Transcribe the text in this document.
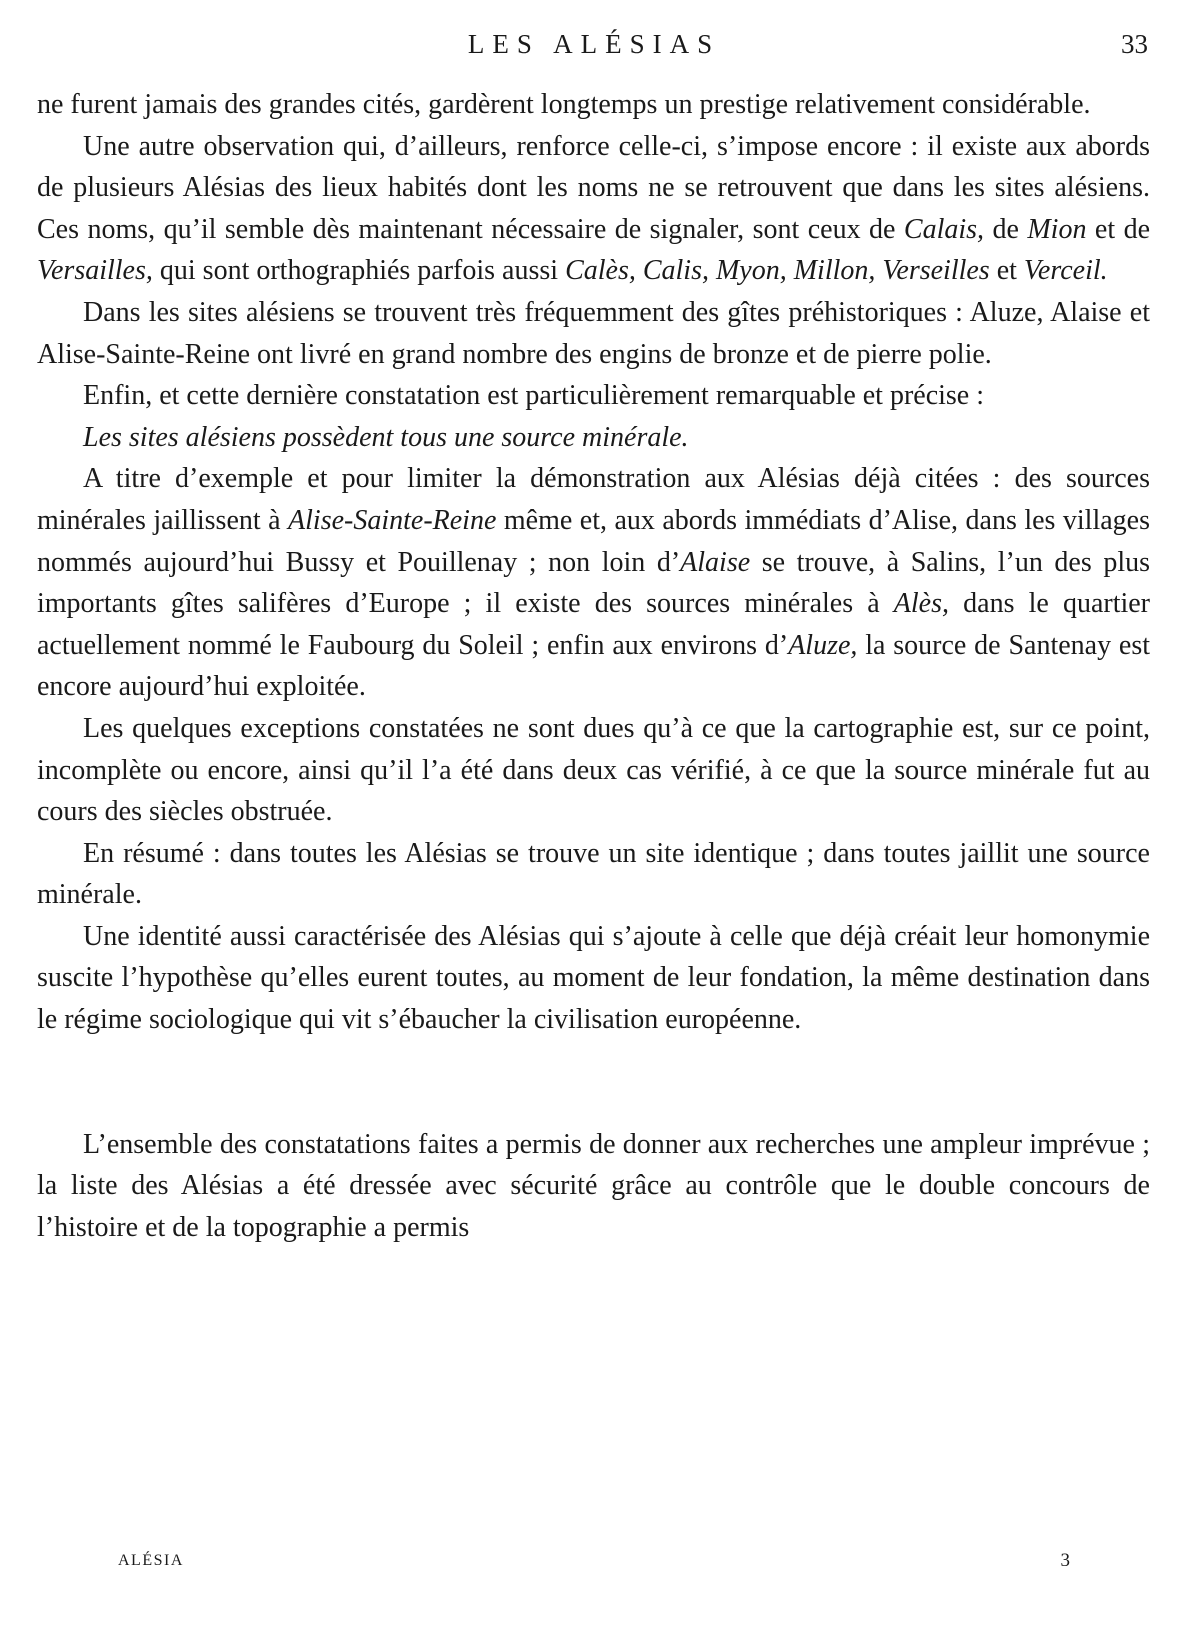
LES ALÉSIAS	33

ne furent jamais des grandes cités, gardèrent longtemps un prestige relativement considérable.

Une autre observation qui, d’ailleurs, renforce celle-ci, s’impose encore : il existe aux abords de plusieurs Alésias des lieux habités dont les noms ne se retrouvent que dans les sites alésiens. Ces noms, qu’il semble dès maintenant nécessaire de signaler, sont ceux de Calais, de Mion et de Versailles, qui sont orthographiés parfois aussi Calès, Calis, Myon, Millon, Verseilles et Verceil.

Dans les sites alésiens se trouvent très fréquemment des gîtes préhistoriques : Aluze, Alaise et Alise-Sainte-Reine ont livré en grand nombre des engins de bronze et de pierre polie.

Enfin, et cette dernière constatation est particulièrement remarquable et précise :

Les sites alésiens possèdent tous une source minérale.

A titre d’exemple et pour limiter la démonstration aux Alésias déjà citées : des sources minérales jaillissent à Alise-Sainte-Reine même et, aux abords immédiats d’Alise, dans les villages nommés aujourd’hui Bussy et Pouillenay ; non loin d’Alaise se trouve, à Salins, l’un des plus importants gîtes salifères d’Europe ; il existe des sources minérales à Alès, dans le quartier actuellement nommé le Faubourg du Soleil ; enfin aux environs d’Aluze, la source de Santenay est encore aujourd’hui exploitée.

Les quelques exceptions constatées ne sont dues qu’à ce que la cartographie est, sur ce point, incomplète ou encore, ainsi qu’il l’a été dans deux cas vérifié, à ce que la source minérale fut au cours des siècles obstruée.

En résumé : dans toutes les Alésias se trouve un site identique ; dans toutes jaillit une source minérale.

Une identité aussi caractérisée des Alésias qui s’ajoute à celle que déjà créait leur homonymie suscite l’hypothèse qu’elles eurent toutes, au moment de leur fondation, la même destination dans le régime sociologique qui vit s’ébaucher la civilisation européenne.

L’ensemble des constatations faites a permis de donner aux recherches une ampleur imprévue ; la liste des Alésias a été dressée avec sécurité grâce au contrôle que le double concours de l’histoire et de la topographie a permis

ALÉSIA	3
